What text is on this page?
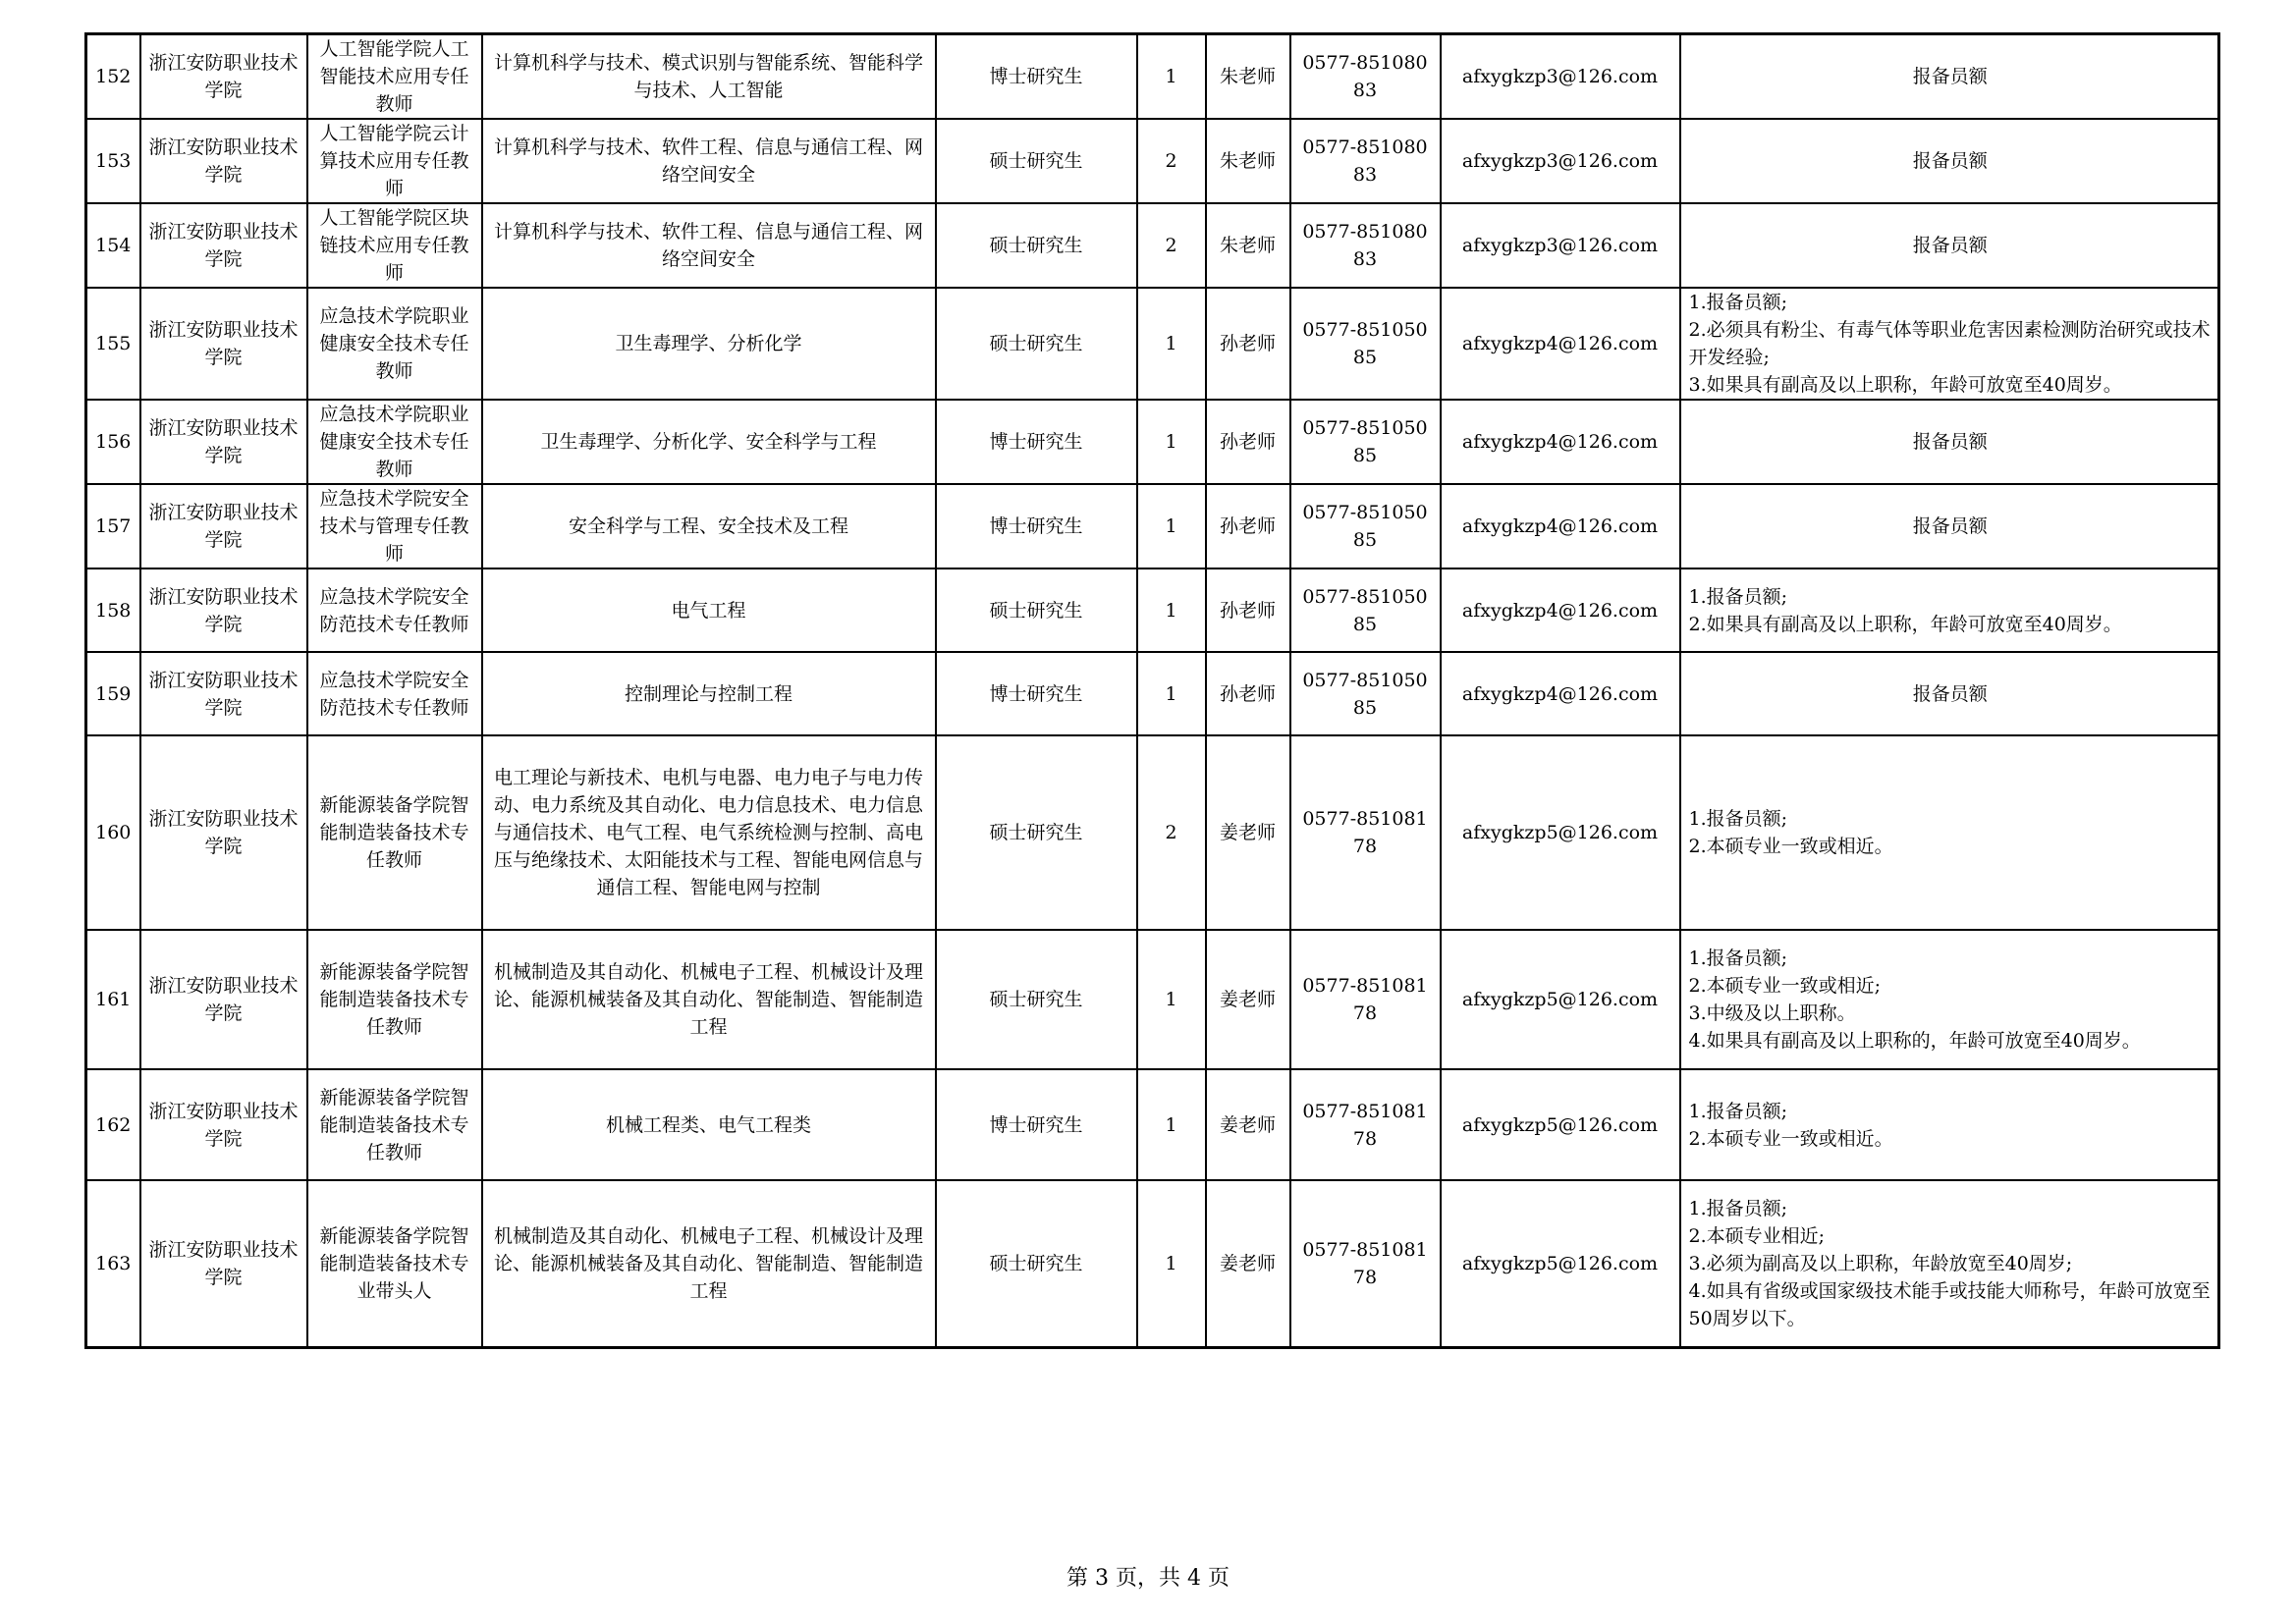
152	浙江安防职业技术学院	人工智能学院人工智能技术应用专任教师	计算机科学与技术、模式识别与智能系统、智能科学与技术、人工智能	博士研究生	1	朱老师	0577-85108083	afxygkzp3@126.com	报备员额
153	浙江安防职业技术学院	人工智能学院云计算技术应用专任教师	计算机科学与技术、软件工程、信息与通信工程、网络空间安全	硕士研究生	2	朱老师	0577-85108083	afxygkzp3@126.com	报备员额
154	浙江安防职业技术学院	人工智能学院区块链技术应用专任教师	计算机科学与技术、软件工程、信息与通信工程、网络空间安全	硕士研究生	2	朱老师	0577-85108083	afxygkzp3@126.com	报备员额
155	浙江安防职业技术学院	应急技术学院职业健康安全技术专任教师	卫生毒理学、分析化学	硕士研究生	1	孙老师	0577-85105085	afxygkzp4@126.com	1.报备员额;
2.必须具有粉尘、有毒气体等职业危害因素检测防治研究或技术开发经验;
3.如果具有副高及以上职称，年龄可放宽至40周岁。
156	浙江安防职业技术学院	应急技术学院职业健康安全技术专任教师	卫生毒理学、分析化学、安全科学与工程	博士研究生	1	孙老师	0577-85105085	afxygkzp4@126.com	报备员额
157	浙江安防职业技术学院	应急技术学院安全技术与管理专任教师	安全科学与工程、安全技术及工程	博士研究生	1	孙老师	0577-85105085	afxygkzp4@126.com	报备员额
158	浙江安防职业技术学院	应急技术学院安全防范技术专任教师	电气工程	硕士研究生	1	孙老师	0577-85105085	afxygkzp4@126.com	1.报备员额;
2.如果具有副高及以上职称，年龄可放宽至40周岁。
159	浙江安防职业技术学院	应急技术学院安全防范技术专任教师	控制理论与控制工程	博士研究生	1	孙老师	0577-85105085	afxygkzp4@126.com	报备员额
160	浙江安防职业技术学院	新能源装备学院智能制造装备技术专任教师	电工理论与新技术、电机与电器、电力电子与电力传动、电力系统及其自动化、电力信息技术、电力信息与通信技术、电气工程、电气系统检测与控制、高电压与绝缘技术、太阳能技术与工程、智能电网信息与通信工程、智能电网与控制	硕士研究生	2	姜老师	0577-85108178	afxygkzp5@126.com	1.报备员额;
2.本硕专业一致或相近。
161	浙江安防职业技术学院	新能源装备学院智能制造装备技术专任教师	机械制造及其自动化、机械电子工程、机械设计及理论、能源机械装备及其自动化、智能制造、智能制造工程	硕士研究生	1	姜老师	0577-85108178	afxygkzp5@126.com	1.报备员额;
2.本硕专业一致或相近;
3.中级及以上职称。
4.如果具有副高及以上职称的，年龄可放宽至40周岁。
162	浙江安防职业技术学院	新能源装备学院智能制造装备技术专任教师	机械工程类、电气工程类	博士研究生	1	姜老师	0577-85108178	afxygkzp5@126.com	1.报备员额;
2.本硕专业一致或相近。
163	浙江安防职业技术学院	新能源装备学院智能制造装备技术专业带头人	机械制造及其自动化、机械电子工程、机械设计及理论、能源机械装备及其自动化、智能制造、智能制造工程	硕士研究生	1	姜老师	0577-85108178	afxygkzp5@126.com	1.报备员额;
2.本硕专业相近;
3.必须为副高及以上职称，年龄放宽至40周岁;
4.如具有省级或国家级技术能手或技能大师称号，年龄可放宽至50周岁以下。
第 3 页，共 4 页
